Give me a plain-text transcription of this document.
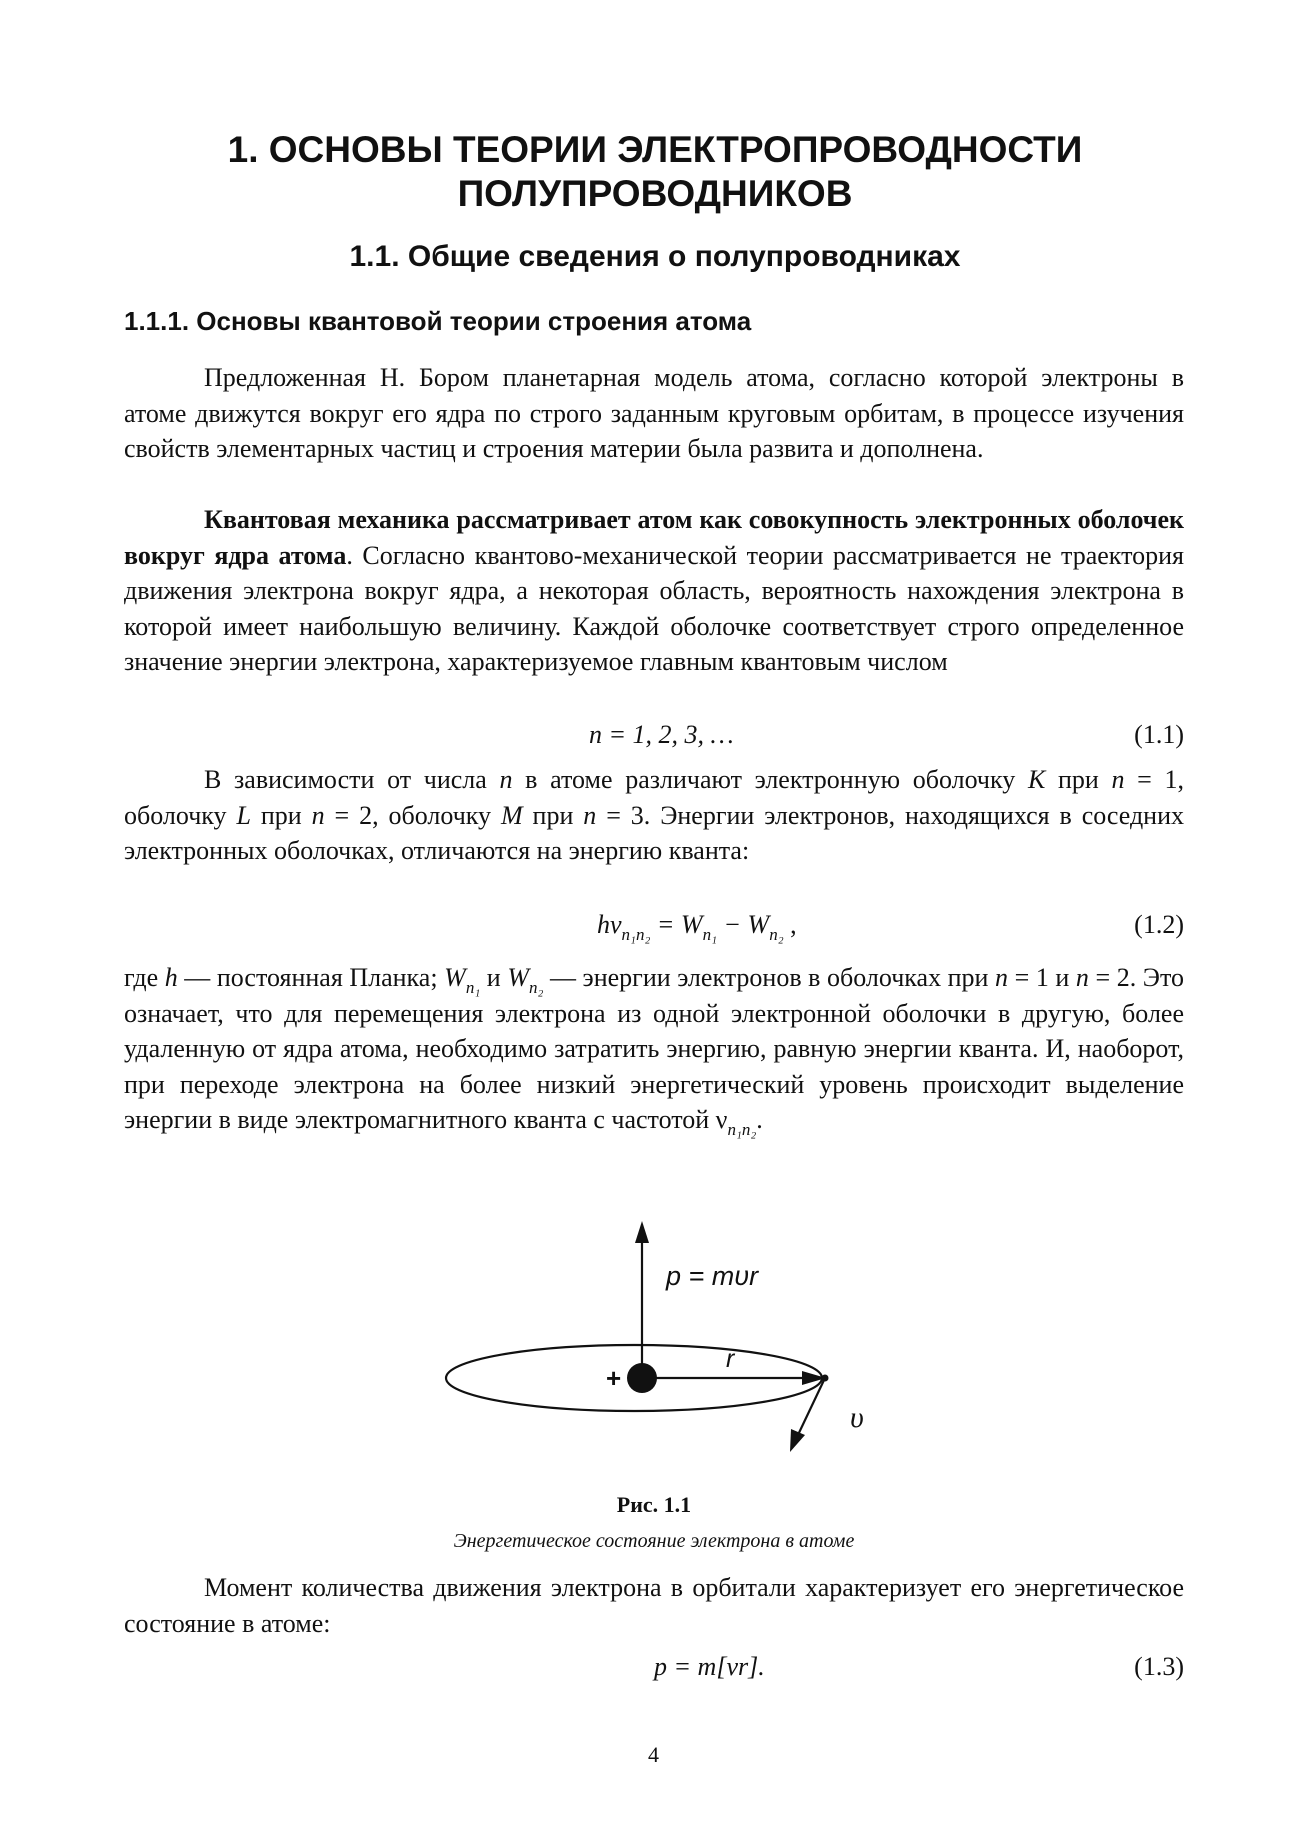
1. ОСНОВЫ ТЕОРИИ ЭЛЕКТРОПРОВОДНОСТИ
ПОЛУПРОВОДНИКОВ
1.1. Общие сведения о полупроводниках
1.1.1. Основы квантовой теории строения атома

Предложенная Н. Бором планетарная модель атома, согласно которой электроны в атоме движутся вокруг его ядра по строго заданным круговым орбитам, в процессе изучения свойств элементарных частиц и строения материи была развита и дополнена.

Квантовая механика рассматривает атом как совокупность электронных оболочек вокруг ядра атома. Согласно квантово-механической теории рассматривается не траектория движения электрона вокруг ядра, а некоторая область, вероятность нахождения электрона в которой имеет наибольшую величину. Каждой оболочке соответствует строго определенное значение энергии электрона, характеризуемое главным квантовым числом

n = 1, 2, 3, …	(1.1)

В зависимости от числа n в атоме различают электронную оболочку K при n = 1, оболочку L при n = 2, оболочку M при n = 3. Энергии электронов, находящихся в соседних электронных оболочках, отличаются на энергию кванта:

$h\nu_{n_1n_2} = W_{n_1} - W_{n_2}$ ,	(1.2)

где h — постоянная Планка; $W_{n_1}$ и $W_{n_2}$ — энергии электронов в оболочках при n = 1 и n = 2. Это означает, что для перемещения электрона из одной электронной оболочки в другую, более удаленную от ядра атома, необходимо затратить энергию, равную энергии кванта. И, наоборот, при переходе электрона на более низкий энергетический уровень происходит выделение энергии в виде электромагнитного кванта с частотой $\nu_{n_1n_2}$.

p = mυr
r
+
υ
Рис. 1.1
Энергетическое состояние электрона в атоме

Момент количества движения электрона в орбитали характеризует его энергетическое состояние в атоме:

p = m[vr].	(1.3)
4
